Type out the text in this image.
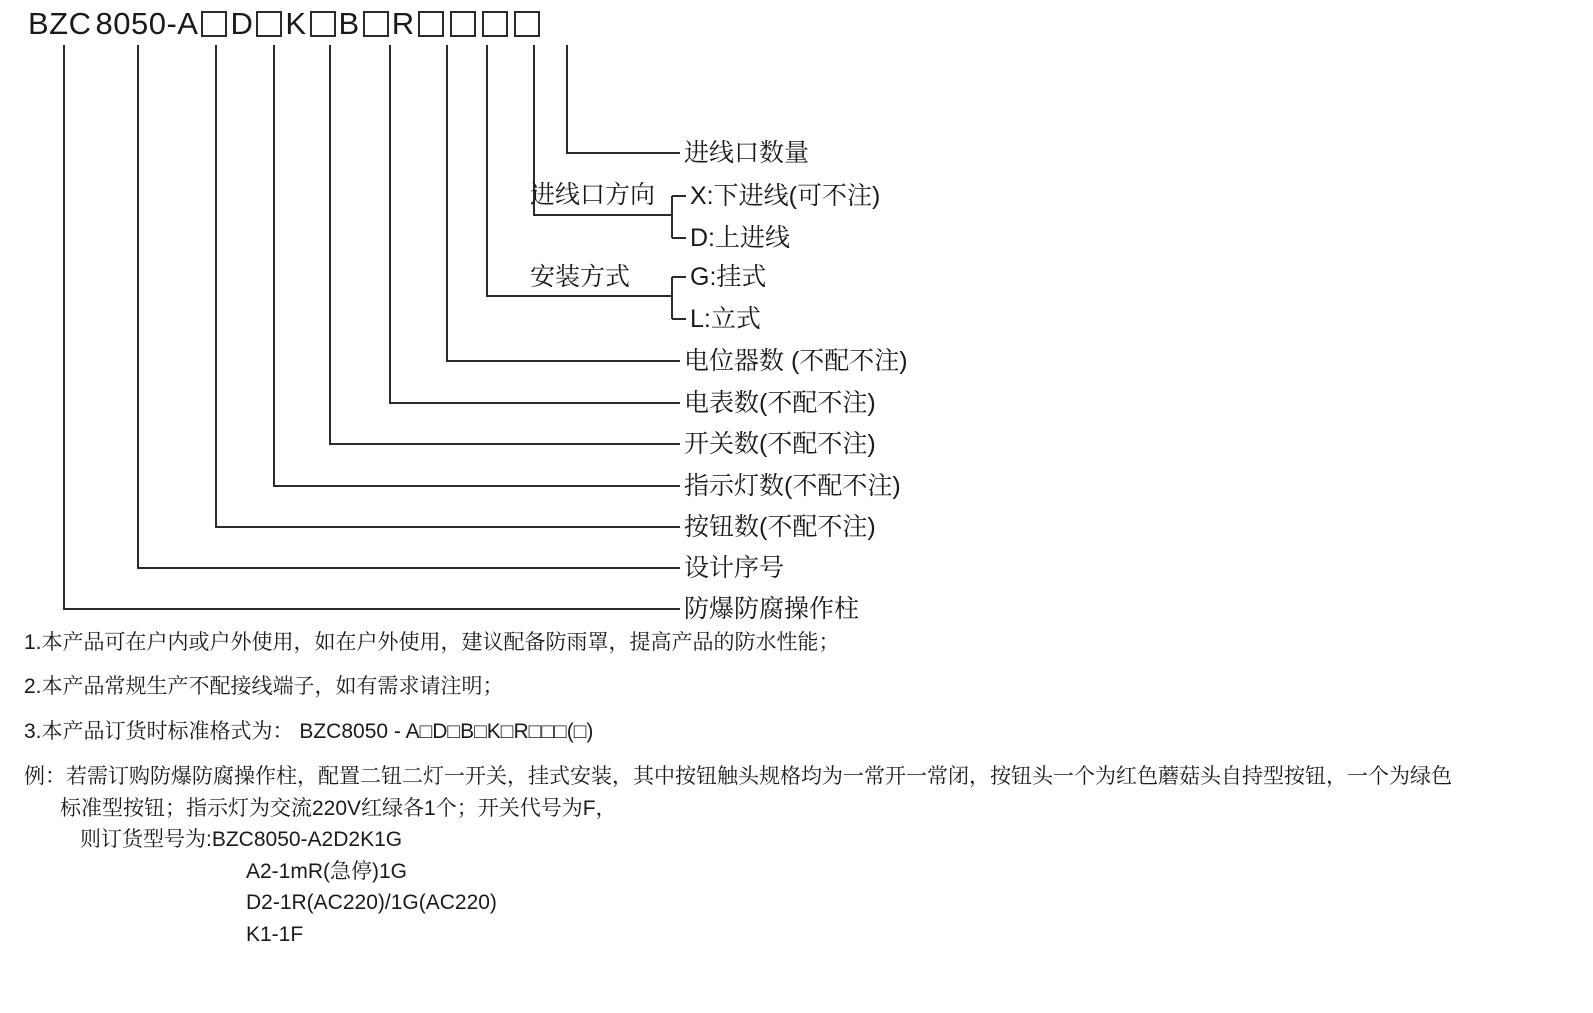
BZC 8050-A D K B R
进线口方向
安装方式
进线口数量
X:下进线(可不注)
D:上进线
G:挂式
L:立式
电位器数 (不配不注)
电表数(不配不注)
开关数(不配不注)
指示灯数(不配不注)
按钮数(不配不注)
设计序号
防爆防腐操作柱
1.本产品可在户内或户外使用，如在户外使用，建议配备防雨罩，提高产品的防水性能；
2.本产品常规生产不配接线端子，如有需求请注明；
3.本产品订货时标准格式为： BZC8050 - A□D□B□K□R□□□(□)
例：若需订购防爆防腐操作柱，配置二钮二灯一开关，挂式安装，其中按钮触头规格均为一常开一常闭，按钮头一个为红色蘑菇头自持型按钮，一个为绿色
标准型按钮；指示灯为交流220V红绿各1个；开关代号为F，
则订货型号为:BZC8050-A2D2K1G
A2-1mR(急停)1G
D2-1R(AC220)/1G(AC220)
K1-1F
